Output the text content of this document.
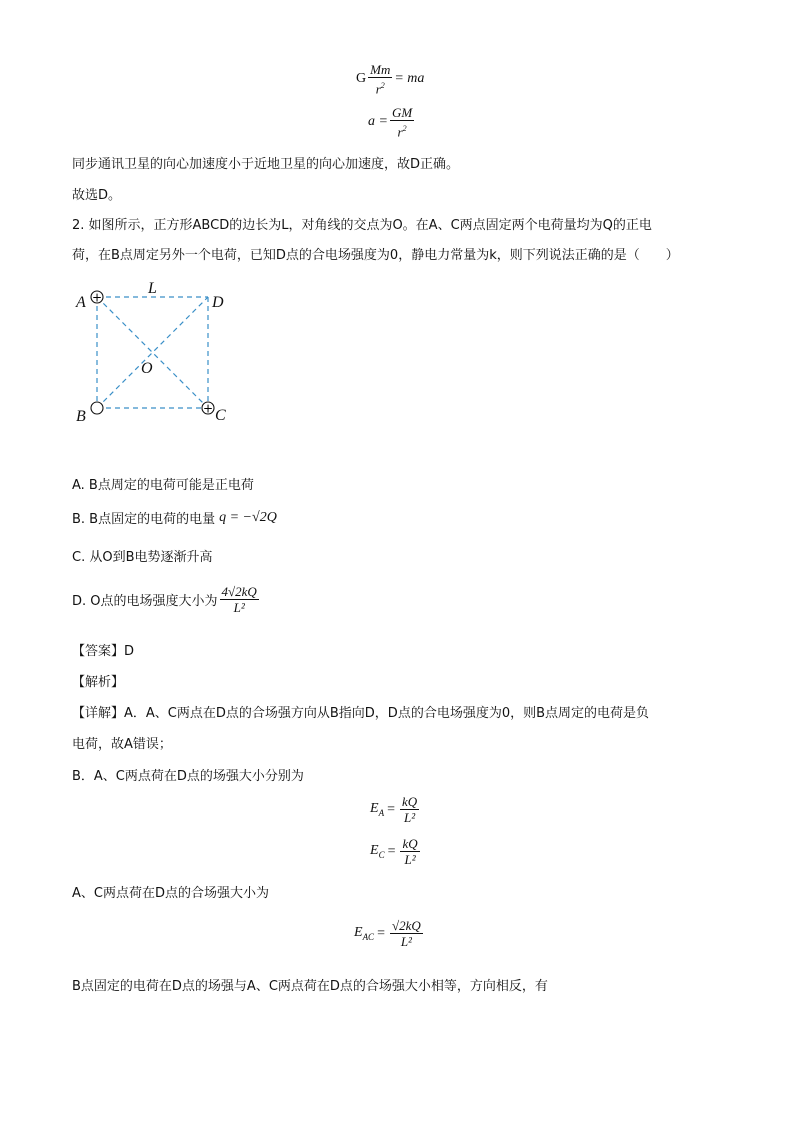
G $\frac{Mm}{r^2}$ = ma
$a = \frac{GM}{r^2}$
同步通讯卫星的向心加速度小于近地卫星的向心加速度，故D正确。
故选D。
2. 如图所示，正方形ABCD的边长为L，对角线的交点为O。在A、C两点固定两个电荷量均为Q的正电
荷，在B点周定另外一个电荷，已知D点的合电场强度为0，静电力常量为k，则下列说法正确的是（　　）
+
+
A
B	C
D
O
L
A. B点周定的电荷可能是正电荷
B. B点固定的电荷的电量 q = −√2Q
C. 从O到B电势逐渐升高
D. O点的电场强度大小为 $\frac{4√2kQ}{\text{L²}}$
【答案】D
【解析】
【详解】A．A、C两点在D点的合场强方向从B指向D，D点的合电场强度为0，则B点周定的电荷是负
电荷，故A错误；
B．A、C两点荷在D点的场强大小分别为
$E_A = \frac{kQ}{\text{L²}}$
$E_C = \frac{kQ}{\text{L²}}$
A、C两点荷在D点的合场强大小为
$E_{AC} = \frac{√2kQ}{\text{L²}}$
B点固定的电荷在D点的场强与A、C两点荷在D点的合场强大小相等，方向相反，有
